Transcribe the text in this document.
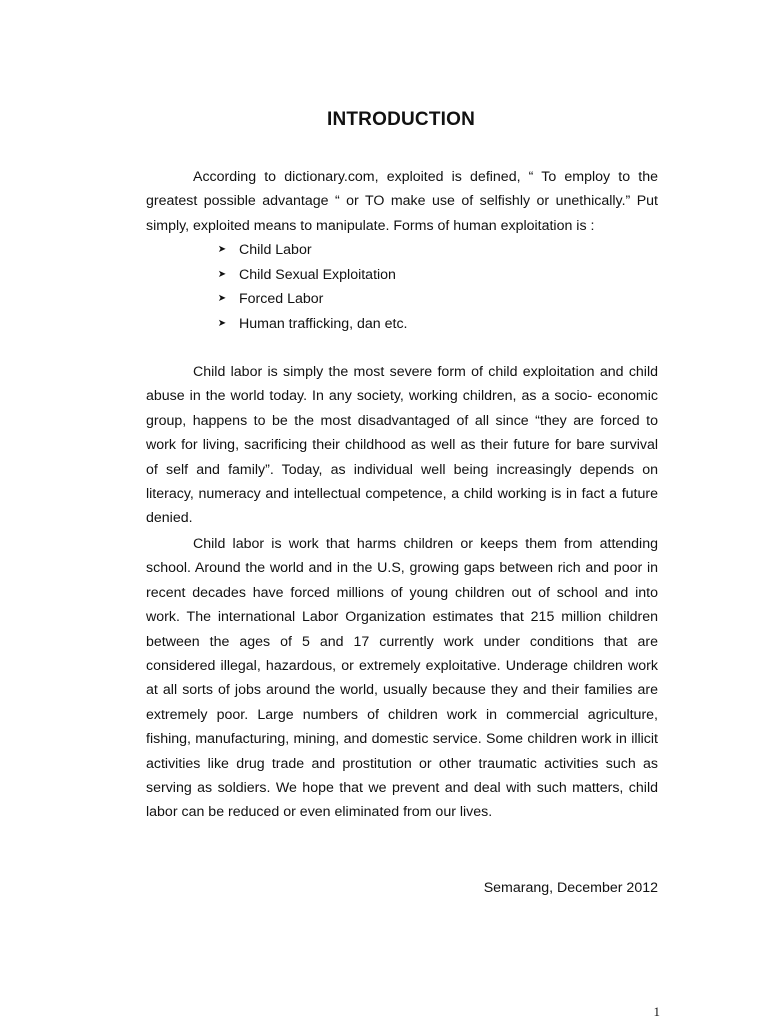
INTRODUCTION

According to dictionary.com, exploited is defined, “ To employ to the greatest possible advantage “ or TO make use of selfishly or unethically.” Put simply, exploited means to manipulate. Forms of human exploitation is :

➤ Child Labor
➤ Child Sexual Exploitation
➤ Forced Labor
➤ Human trafficking, dan etc.

Child labor is simply the most severe form of child exploitation and child abuse in the world today. In any society, working children, as a socio- economic group, happens to be the most disadvantaged of all since “they are forced to work for living, sacrificing their childhood as well as their future for bare survival of self and family”. Today, as individual well being increasingly depends on literacy, numeracy and intellectual competence, a child working is in fact a future denied.

Child labor is work that harms children or keeps them from attending school. Around the world and in the U.S, growing gaps between rich and poor in recent decades have forced millions of young children out of school and into work. The international Labor Organization estimates that 215 million children between the ages of 5 and 17 currently work under conditions that are considered illegal, hazardous, or extremely exploitative. Underage children work at all sorts of jobs around the world, usually because they and their families are extremely poor. Large numbers of children work in commercial agriculture, fishing, manufacturing, mining, and domestic service. Some children work in illicit activities like drug trade and prostitution or other traumatic activities such as serving as soldiers. We hope that we prevent and deal with such matters, child labor can be reduced or even eliminated from our lives.

Semarang, December 2012

1
